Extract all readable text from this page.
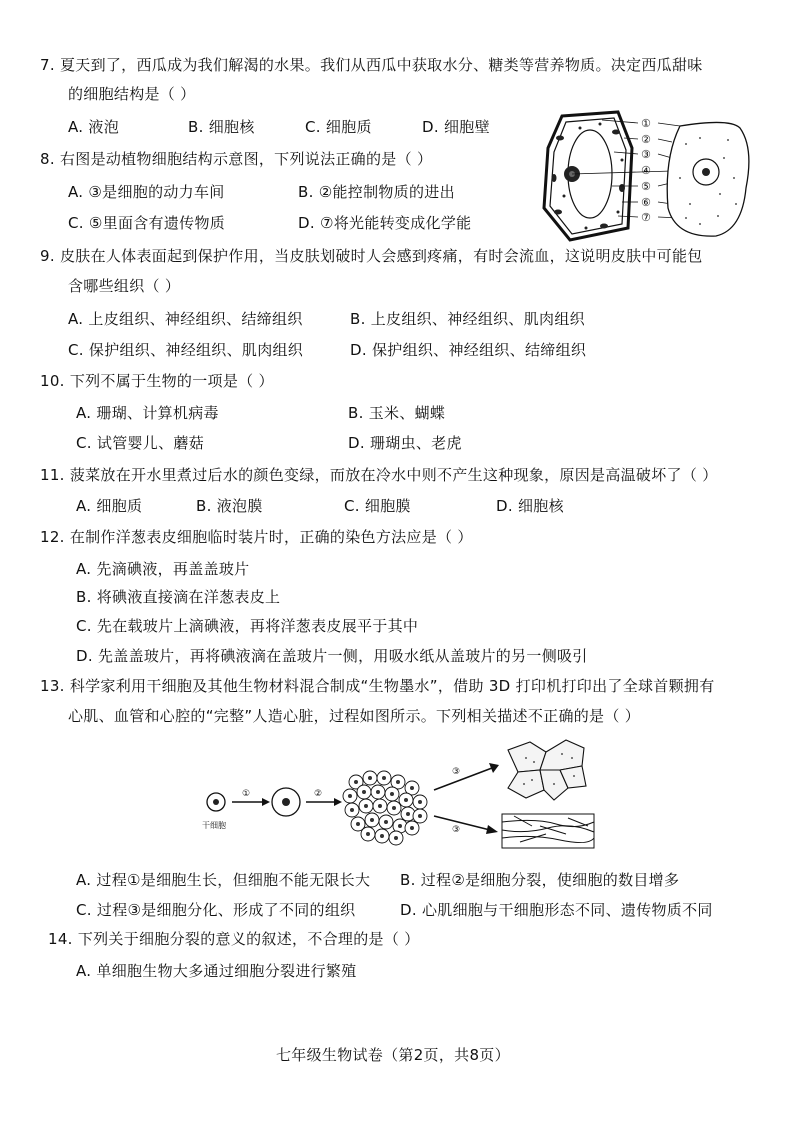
7. 夏天到了，西瓜成为我们解渴的水果。我们从西瓜中获取水分、糖类等营养物质。决定西瓜甜味
的细胞结构是（ ）
A. 液泡	B. 细胞核	C. 细胞质	D. 细胞壁
8. 右图是动植物细胞结构示意图，下列说法正确的是（ ）
A. ③是细胞的动力车间	B. ②能控制物质的进出
C. ⑤里面含有遗传物质	D. ⑦将光能转变成化学能
①
②
③
④
⑤
⑥
⑦
9. 皮肤在人体表面起到保护作用，当皮肤划破时人会感到疼痛，有时会流血，这说明皮肤中可能包
含哪些组织（ ）
A. 上皮组织、神经组织、结缔组织	B. 上皮组织、神经组织、肌肉组织
C. 保护组织、神经组织、肌肉组织	D. 保护组织、神经组织、结缔组织
10. 下列不属于生物的一项是（ ）
A. 珊瑚、计算机病毒	B. 玉米、蝴蝶
C. 试管婴儿、蘑菇	D. 珊瑚虫、老虎
11. 菠菜放在开水里煮过后水的颜色变绿，而放在冷水中则不产生这种现象，原因是高温破坏了（ ）
A. 细胞质	B. 液泡膜	C. 细胞膜	D. 细胞核
12. 在制作洋葱表皮细胞临时装片时，正确的染色方法应是（ ）
A. 先滴碘液，再盖盖玻片
B. 将碘液直接滴在洋葱表皮上
C. 先在载玻片上滴碘液，再将洋葱表皮展平于其中
D. 先盖盖玻片，再将碘液滴在盖玻片一侧，用吸水纸从盖玻片的另一侧吸引
13. 科学家利用干细胞及其他生物材料混合制成“生物墨水”，借助 3D 打印机打印出了全球首颗拥有
心肌、血管和心腔的“完整”人造心脏，过程如图所示。下列相关描述不正确的是（ ）
干细胞
①	②
③
③
A. 过程①是细胞生长，但细胞不能无限长大 B. 过程②是细胞分裂，使细胞的数目增多
C. 过程③是细胞分化、形成了不同的组织	D. 心肌细胞与干细胞形态不同、遗传物质不同
14. 下列关于细胞分裂的意义的叙述，不合理的是（ ）
A. 单细胞生物大多通过细胞分裂进行繁殖
七年级生物试卷（第2页，共8页）
